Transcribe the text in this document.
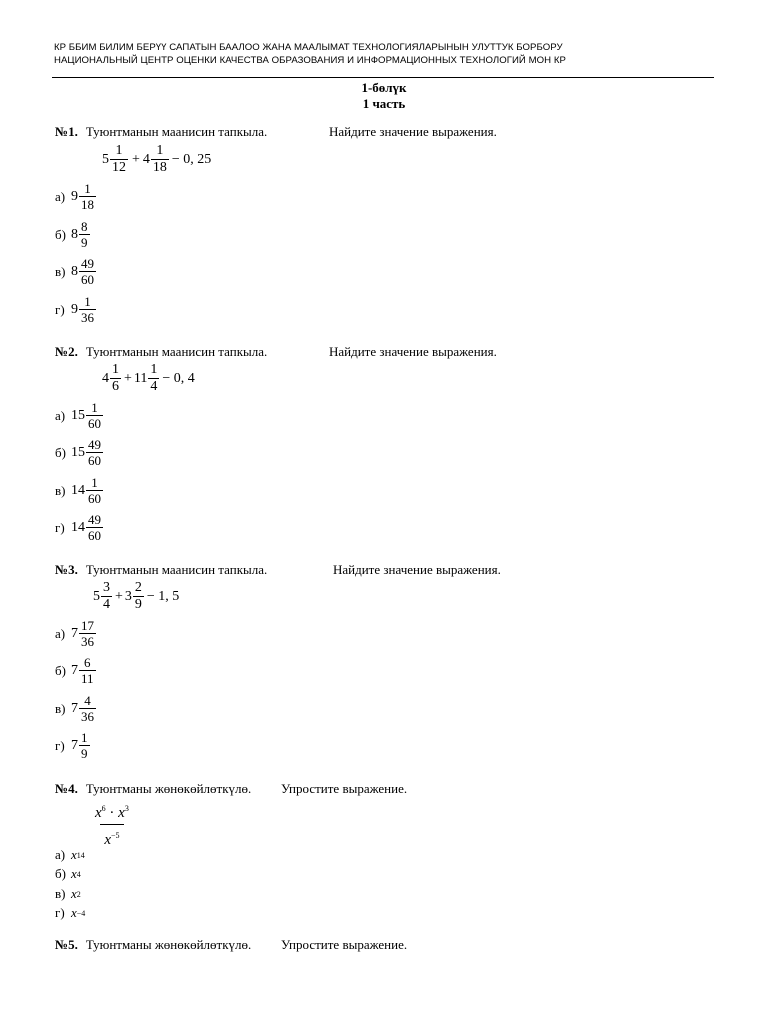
КР ББИМ БИЛИМ БЕРҮҮ САПАТЫН БААЛОО ЖАНА МААЛЫМАТ ТЕХНОЛОГИЯЛАРЫНЫН УЛУТТУК БОРБОРУ
НАЦИОНАЛЬНЫЙ ЦЕНТР ОЦЕНКИ КАЧЕСТВА ОБРАЗОВАНИЯ И ИНФОРМАЦИОННЫХ ТЕХНОЛОГИЙ МОН КР
1-бөлүк
1 часть
№1. Туюнтманын маанисин тапкыла.	Найдите значение выражения.
$5 \frac{1}{12} + 4 \frac{1}{18} - 0$, 25
а) $9 \frac{1}{18}$
б) $8 \frac{8}{9}$
в) $8 \frac{49}{60}$
г) $9 \frac{1}{36}$
№2. Туюнтманын маанисин тапкыла.	Найдите значение выражения.
$4 \frac{1}{6} + 11 \frac{1}{4} - 0$, 4
а) $15 \frac{1}{60}$
б) $15 \frac{49}{60}$
в) $14 \frac{1}{60}$
г) $14 \frac{49}{60}$
№3. Туюнтманын маанисин тапкыла.	Найдите значение выражения.
$5 \frac{3}{4} + 3 \frac{2}{9} - 1$, 5
а) $7 \frac{17}{36}$
б) $7 \frac{6}{11}$
в) $7 \frac{4}{36}$
г) $7 \frac{1}{9}$
№4. Туюнтманы жөнөкөйлөткүлө. Упростите выражение.
$\frac{x^6 \cdot x^3}{x^{-5}}$
а) x 14
б) x 4
в) x 2
г) x −4
№5. Туюнтманы жөнөкөйлөткүлө. Упростите выражение.
